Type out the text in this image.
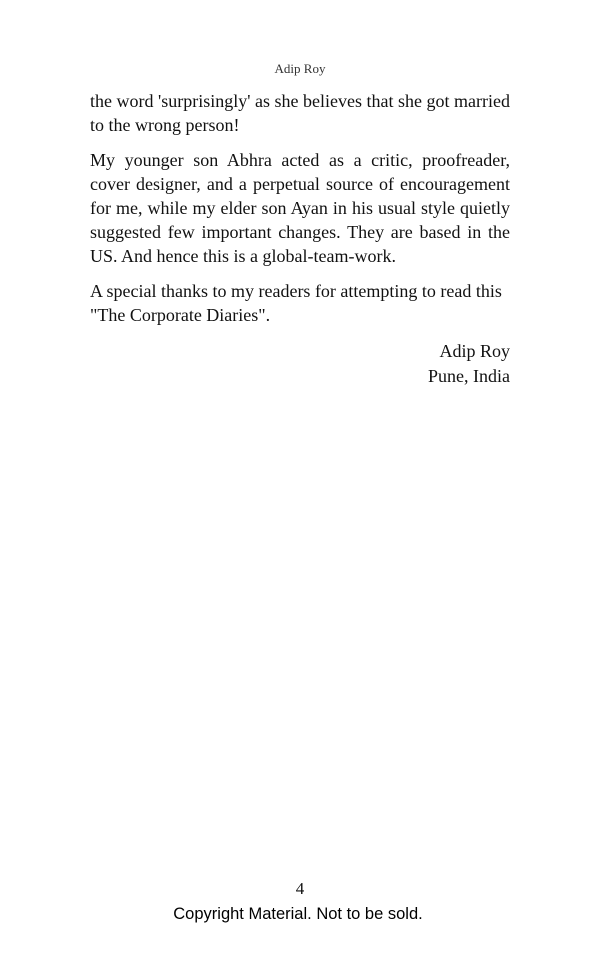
Adip Roy

the word 'surprisingly' as she believes that she got married to the wrong person!

My younger son Abhra acted as a critic, proofreader, cover designer, and a perpetual source of encouragement for me, while my elder son Ayan in his usual style quietly suggested few important changes. They are based in the US. And hence this is a global-team-work.

A special thanks to my readers for attempting to read this "The Corporate Diaries".

Adip Roy
Pune, India
4
Copyright Material. Not to be sold.
